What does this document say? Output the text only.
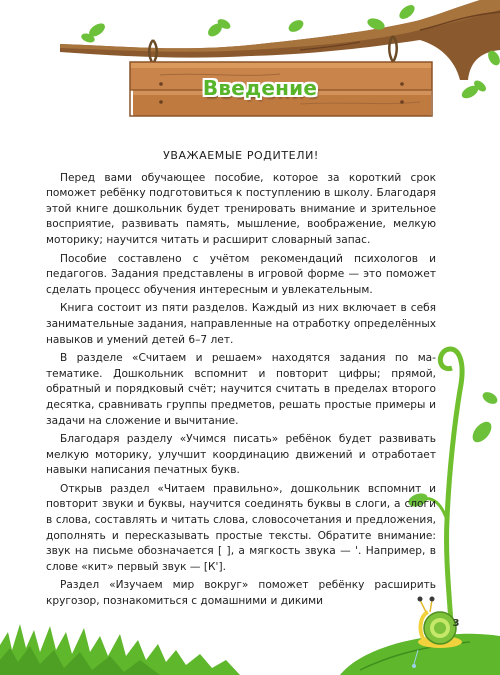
Введение
УВАЖАЕМЫЕ РОДИТЕЛИ!

Перед вами обучающее пособие, которое за короткий срок поможет ребёнку подготовиться к поступлению в школу. Благодаря этой книге дошкольник будет тренировать внимание и зрительное восприятие, развивать память, мышление, воображение, мелкую моторику; научится читать и расширит словарный запас.

Пособие составлено с учётом рекомендаций психологов и педагогов. Задания представлены в игровой форме — это поможет сделать процесс обучения интересным и увлекательным.

Книга состоит из пяти разделов. Каждый из них включает в себя занимательные задания, направленные на отработку определённых навыков и умений детей 6–7 лет.

В разделе «Считаем и решаем» находятся задания по математике. Дошкольник вспомнит и повторит цифры; прямой, обратный и порядковый счёт; научится считать в пределах второго десятка, сравнивать группы предметов, решать простые примеры и задачи на сложение и вычитание.

Благодаря разделу «Учимся писать» ребёнок будет развивать мелкую моторику, улучшит координацию движений и отработает навыки написания печатных букв.

Открыв раздел «Читаем правильно», дошкольник вспомнит и повторит звуки и буквы, научится соединять буквы в слоги, а слоги в слова, составлять и читать слова, словосочетания и предложения, дополнять и пересказывать простые тексты. Обратите внимание: звук на письме обозначается [ ], а мягкость звука — '. Например, в слове «кит» первый звук — [К'].

Раздел «Изучаем мир вокруг» поможет ребёнку расширить кругозор, познакомиться с домашними и дикими

3
